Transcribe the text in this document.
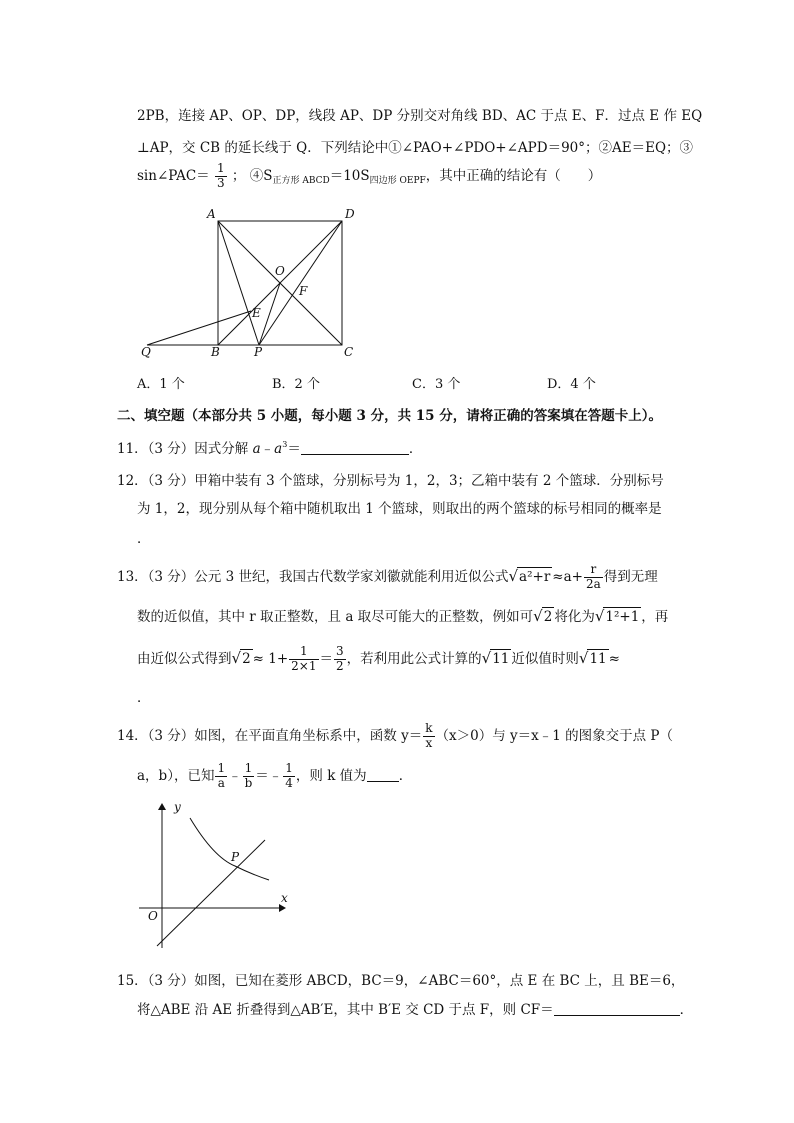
2PB，连接 AP、OP、DP，线段 AP、DP 分别交对角线 BD、AC 于点 E、F．过点 E 作 EQ
⊥AP，交 CB 的延长线于 Q．下列结论中①∠PAO+∠PDO+∠APD＝90°；②AE＝EQ；③
sin∠PAC＝ $\frac{1}{3}$ ； $④S_{正方形 ABCD}=10S_{四边形 OEPF}$，其中正确的结论有（　　）
A	D
O
F
E
Q	B	P	C
A．1 个	B．2 个	C．3 个	D．4 个
二、填空题（本部分共 5 小题，每小题 3 分，共 15 分，请将正确的答案填在答题卡上）。
11．（3 分）因式分解 $a﹣a^3=$	．
12．（3 分）甲箱中装有 3 个篮球，分别标号为 1，2，3；乙箱中装有 2 个篮球．分别标号
为 1，2，现分别从每个箱中随机取出 1 个篮球，则取出的两个篮球的标号相同的概率是
．
13．（3 分）公元 3 世纪，我国古代数学家刘徽就能利用近似公式$√a^2+r \approx a+ \frac{r}{2a}$ 得到无理
数的近似值，其中 r 取正整数，且 a 取尽可能大的正整数，例如可√2 将化为√1²+1 ，再
由近似公式得到$√2 \approx 1+ \frac{1}{2\times 1} = \frac{3}{2}$ ，若利用此公式计算的√11 近似值时则√11 ≈
．
14．（3 分）如图，在平面直角坐标系中，函数 $y= \frac{k}{x} (x>0)$与 y＝x﹣1 的图象交于点 P（
a，b），已知 $\frac{1}{a}$ ﹣ $\frac{1}{b}$ ＝﹣ $\frac{1}{4}$ ，则 k 值为 ．
y
x
O
P
15．（3 分）如图，已知在菱形 ABCD，BC＝9，∠ABC＝60°，点 E 在 BC 上，且 BE＝6，
将△ABE 沿 AE 折叠得到△AB′E，其中 B′E 交 CD 于点 F，则 CF＝	．
